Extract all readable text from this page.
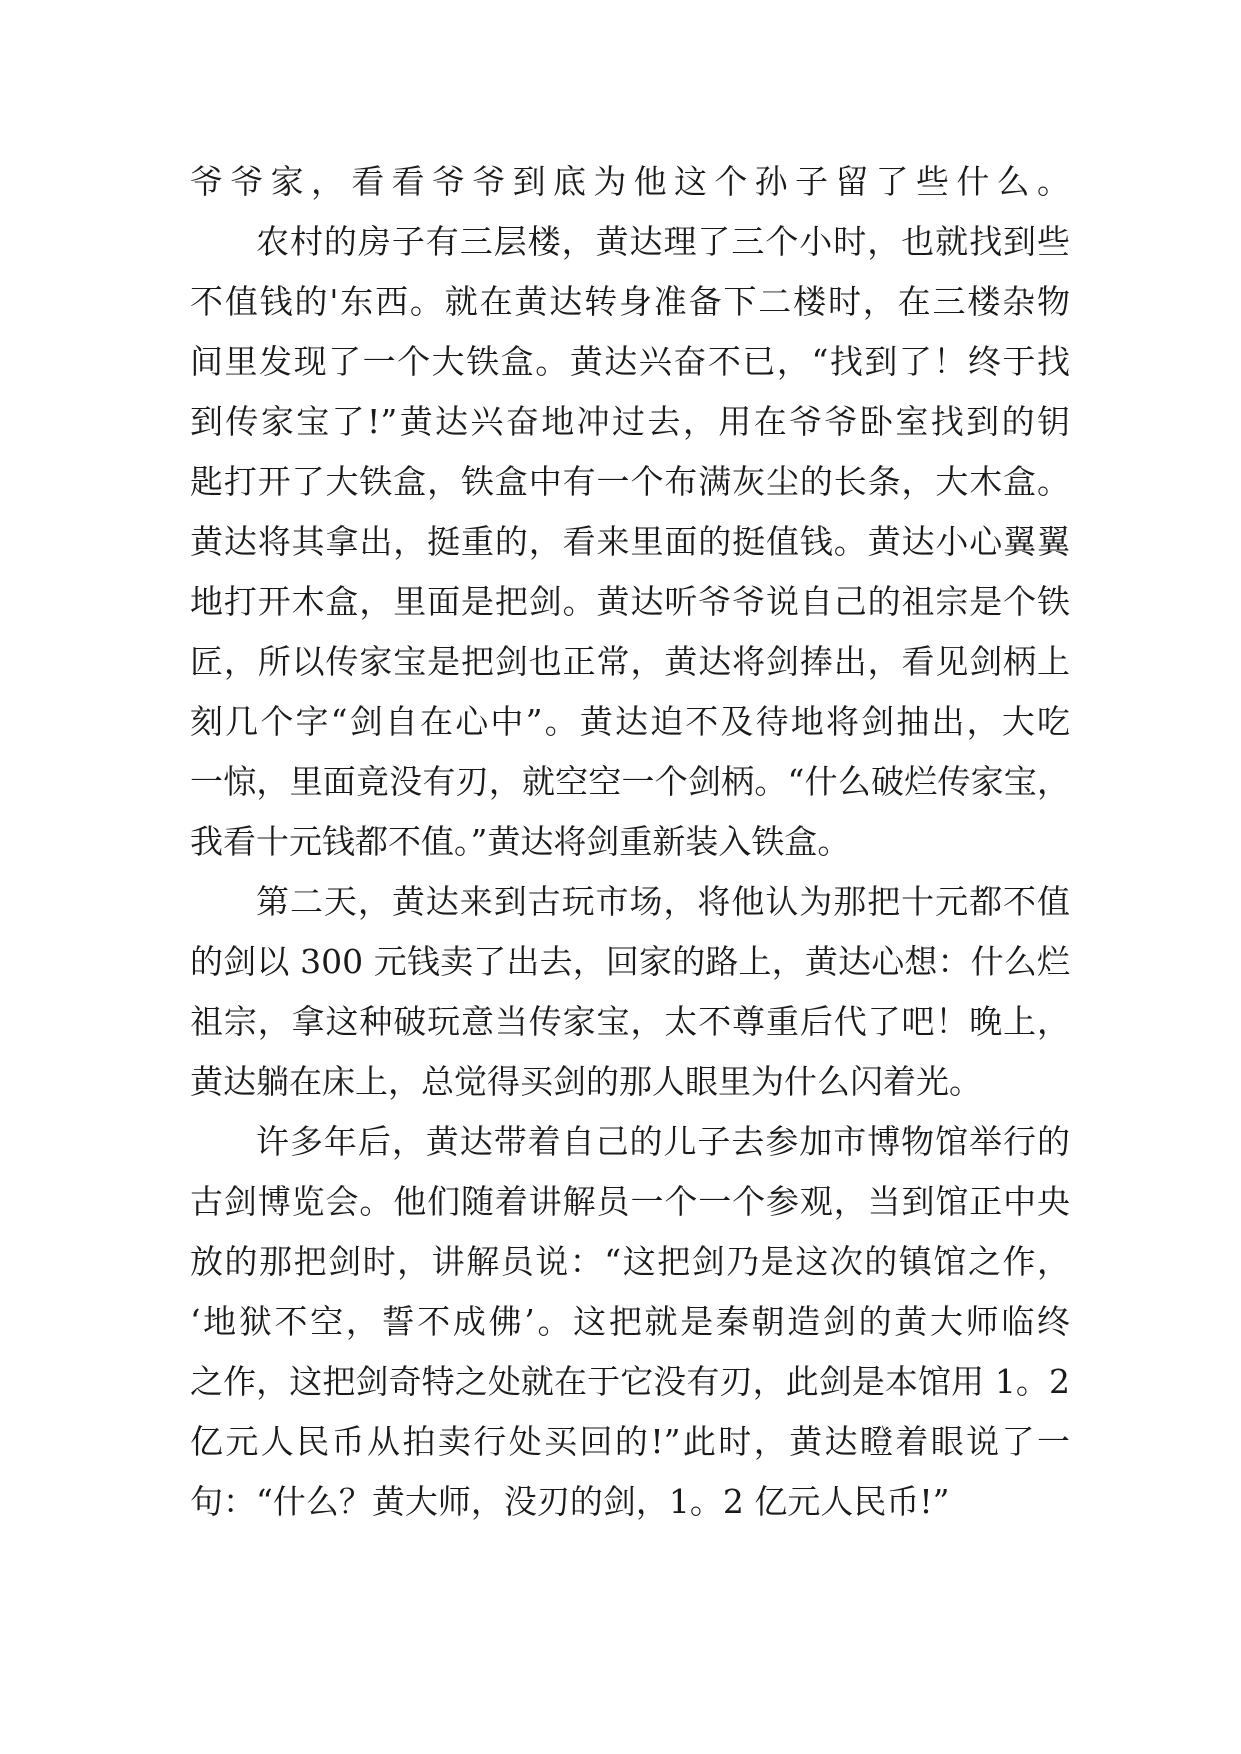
爷爷家，看看爷爷到底为他这个孙子留了些什么。
农村的房子有三层楼，黄达理了三个小时，也就找到些
不值钱的'东西。就在黄达转身准备下二楼时，在三楼杂物
间里发现了一个大铁盒。黄达兴奋不已，“找到了！终于找
到传家宝了!”黄达兴奋地冲过去，用在爷爷卧室找到的钥
匙打开了大铁盒，铁盒中有一个布满灰尘的长条，大木盒。
黄达将其拿出，挺重的，看来里面的挺值钱。黄达小心翼翼
地打开木盒，里面是把剑。黄达听爷爷说自己的祖宗是个铁
匠，所以传家宝是把剑也正常，黄达将剑捧出，看见剑柄上
刻几个字“剑自在心中”。黄达迫不及待地将剑抽出，大吃
一惊，里面竟没有刃，就空空一个剑柄。“什么破烂传家宝，
我看十元钱都不值。”黄达将剑重新装入铁盒。
第二天，黄达来到古玩市场，将他认为那把十元都不值
的剑以 300 元钱卖了出去，回家的路上，黄达心想：什么烂
祖宗，拿这种破玩意当传家宝，太不尊重后代了吧！晚上，
黄达躺在床上，总觉得买剑的那人眼里为什么闪着光。
许多年后，黄达带着自己的儿子去参加市博物馆举行的
古剑博览会。他们随着讲解员一个一个参观，当到馆正中央
放的那把剑时，讲解员说：“这把剑乃是这次的镇馆之作，
‘地狱不空，誓不成佛’。这把就是秦朝造剑的黄大师临终
之作，这把剑奇特之处就在于它没有刃，此剑是本馆用 1。2
亿元人民币从拍卖行处买回的!”此时，黄达瞪着眼说了一
句：“什么？黄大师，没刃的剑，1。2 亿元人民币!”
